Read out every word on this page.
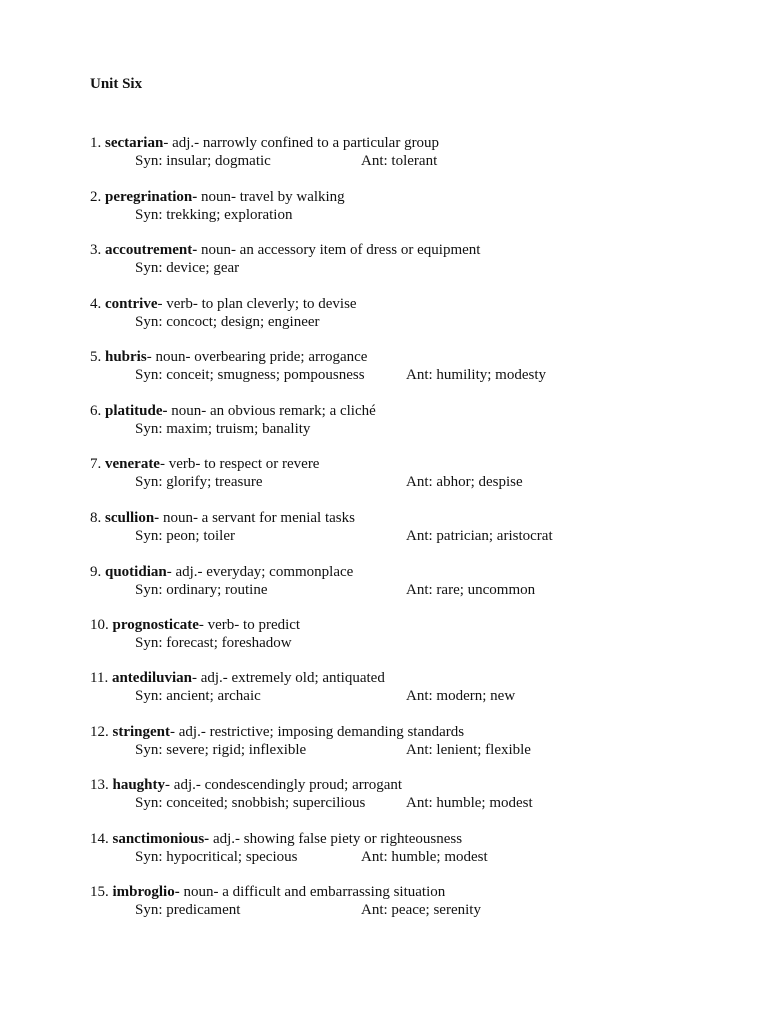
Unit Six
1. sectarian- adj.- narrowly confined to a particular group
Syn: insular; dogmatic	Ant: tolerant
2. peregrination- noun- travel by walking
Syn: trekking; exploration
3. accoutrement- noun- an accessory item of dress or equipment
Syn: device; gear
4. contrive- verb- to plan cleverly; to devise
Syn: concoct; design; engineer
5. hubris- noun- overbearing pride; arrogance
Syn: conceit; smugness; pompousness	Ant: humility; modesty
6. platitude- noun- an obvious remark; a cliché
Syn: maxim; truism; banality
7. venerate- verb- to respect or revere
Syn: glorify; treasure	Ant: abhor; despise
8. scullion- noun- a servant for menial tasks
Syn: peon; toiler	Ant: patrician; aristocrat
9. quotidian- adj.- everyday; commonplace
Syn: ordinary; routine	Ant: rare; uncommon
10. prognosticate- verb- to predict
Syn: forecast; foreshadow
11. antediluvian- adj.- extremely old; antiquated
Syn: ancient; archaic	Ant: modern; new
12. stringent- adj.- restrictive; imposing demanding standards
Syn: severe; rigid; inflexible	Ant: lenient; flexible
13. haughty- adj.- condescendingly proud; arrogant
Syn: conceited; snobbish; supercilious	Ant: humble; modest
14. sanctimonious- adj.- showing false piety or righteousness
Syn: hypocritical; specious	Ant: humble; modest
15. imbroglio- noun- a difficult and embarrassing situation
Syn: predicament	Ant: peace; serenity
